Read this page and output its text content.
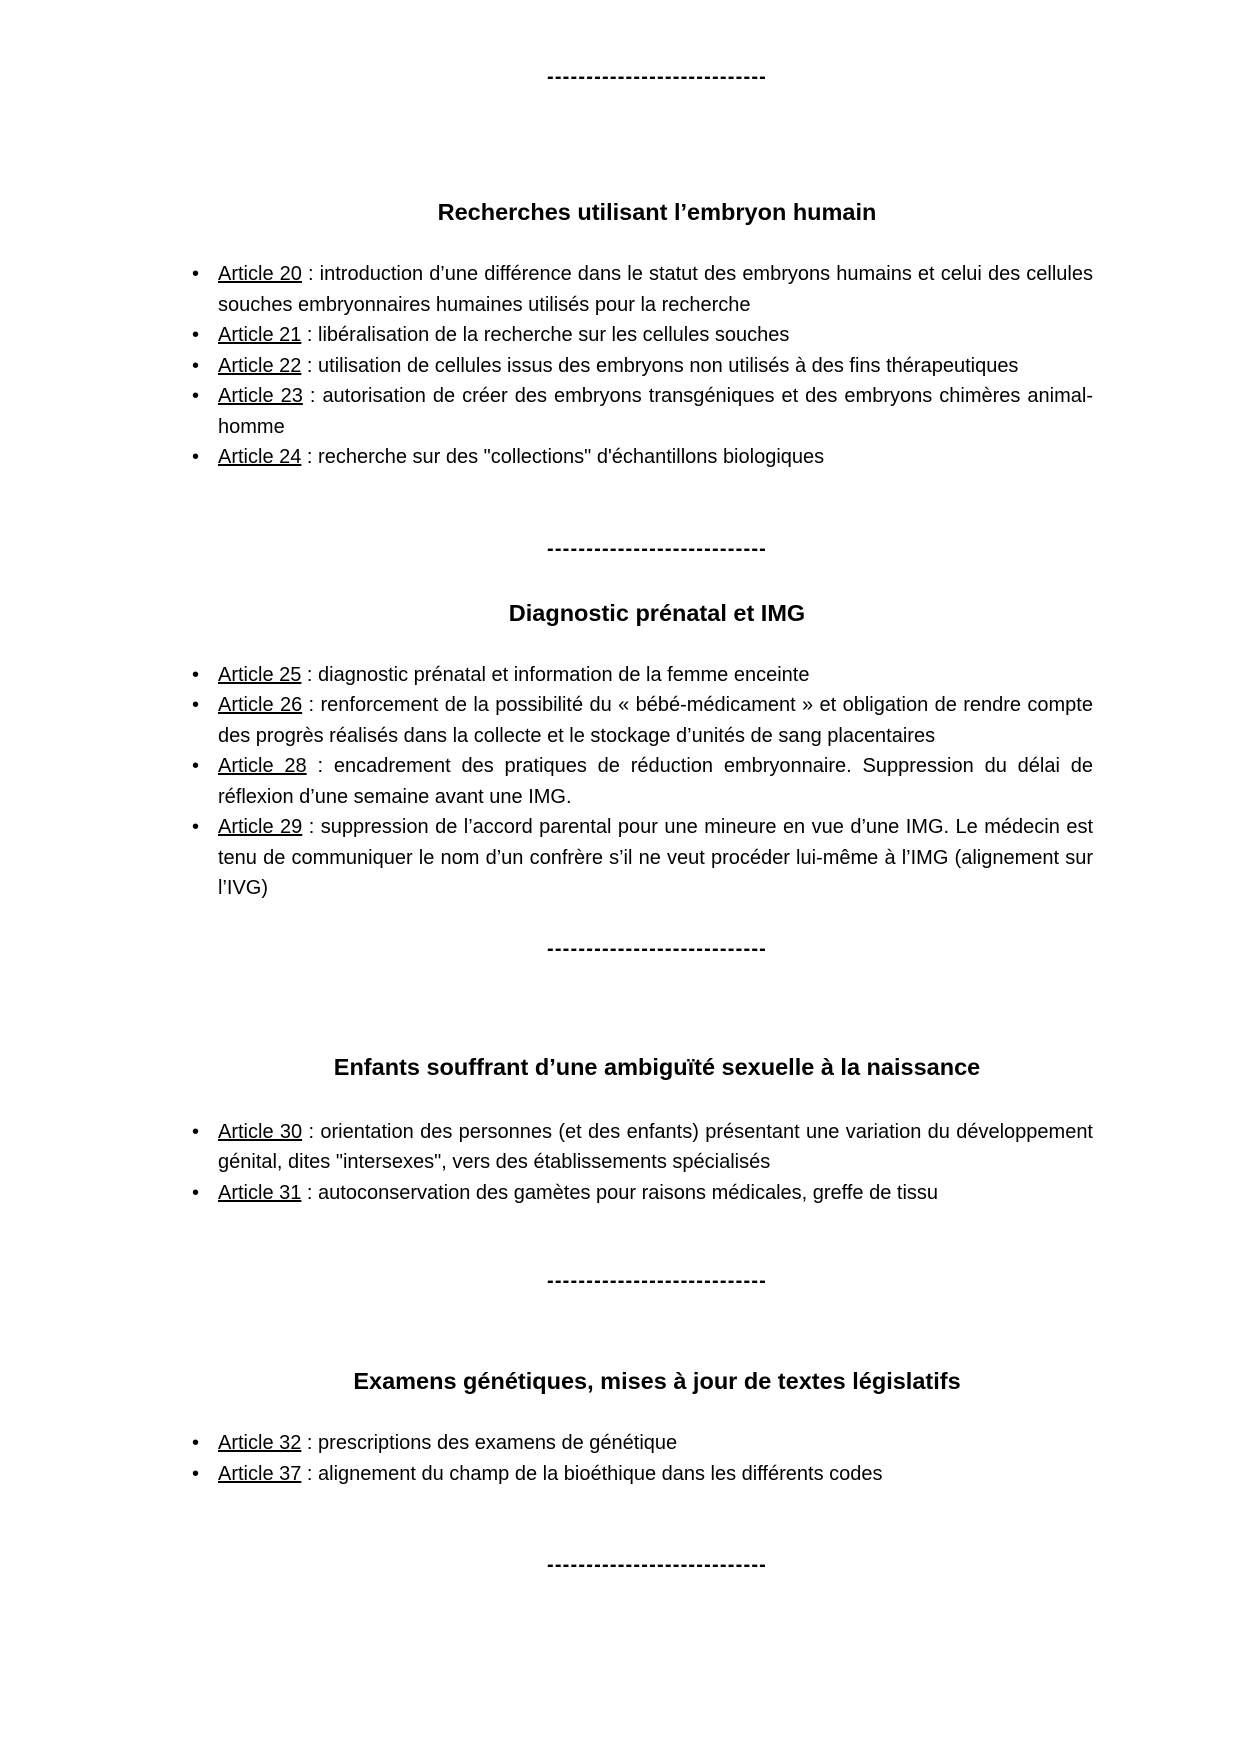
----------------------------
Recherches utilisant l’embryon humain
• Article 20 : introduction d’une différence dans le statut des embryons humains et celui des cellules souches embryonnaires humaines utilisés pour la recherche
• Article 21 : libéralisation de la recherche sur les cellules souches
• Article 22 : utilisation de cellules issus des embryons non utilisés à des fins thérapeutiques
• Article 23 : autorisation de créer des embryons transgéniques et des embryons chimères animal-homme
• Article 24 : recherche sur des "collections" d'échantillons biologiques
----------------------------
Diagnostic prénatal et IMG
• Article 25 : diagnostic prénatal et information de la femme enceinte
• Article 26 : renforcement de la possibilité du « bébé-médicament » et obligation de rendre compte des progrès réalisés dans la collecte et le stockage d’unités de sang placentaires
• Article 28 : encadrement des pratiques de réduction embryonnaire. Suppression du délai de réflexion d’une semaine avant une IMG.
• Article 29 : suppression de l’accord parental pour une mineure en vue d’une IMG. Le médecin est tenu de communiquer le nom d’un confrère s’il ne veut procéder lui-même à l’IMG (alignement sur l’IVG)
----------------------------
Enfants souffrant d’une ambiguïté sexuelle à la naissance
• Article 30 : orientation des personnes (et des enfants) présentant une variation du développement génital, dites "intersexes", vers des établissements spécialisés
• Article 31 : autoconservation des gamètes pour raisons médicales, greffe de tissu
----------------------------
Examens génétiques, mises à jour de textes législatifs
• Article 32 : prescriptions des examens de génétique
• Article 37 : alignement du champ de la bioéthique dans les différents codes
----------------------------
